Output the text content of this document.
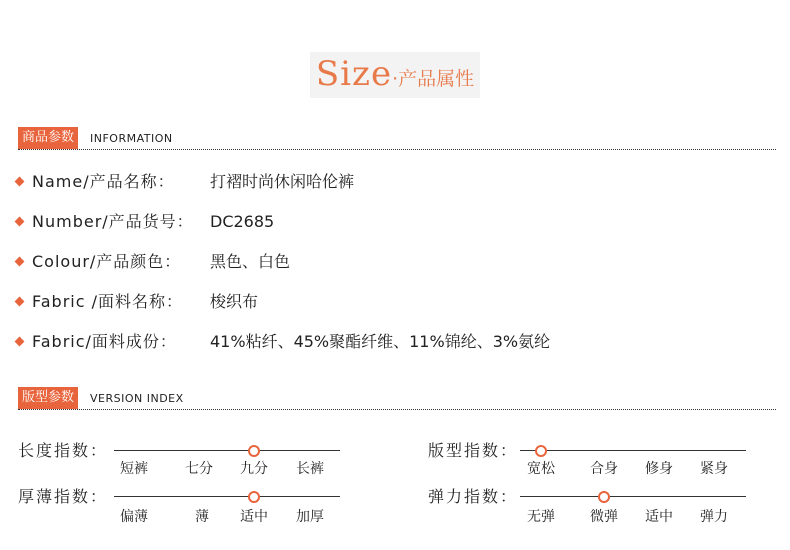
Size·产品属性
商品参数	INFORMATION
Name/产品名称： 打褶时尚休闲哈伦裤
Number/产品货号： DC2685
Colour/产品颜色： 黑色、白色
Fabric /面料名称： 梭织布
Fabric/面料成份： 41%粘纤、45%聚酯纤维、11%锦纶、3%氨纶
版型参数	VERSION INDEX
长度指数：
短裤	七分 九分 长裤
版型指数：
宽松	合身 修身 紧身
厚薄指数：
偏薄	薄 适中 加厚
弹力指数：
无弹	微弹 适中 弹力
